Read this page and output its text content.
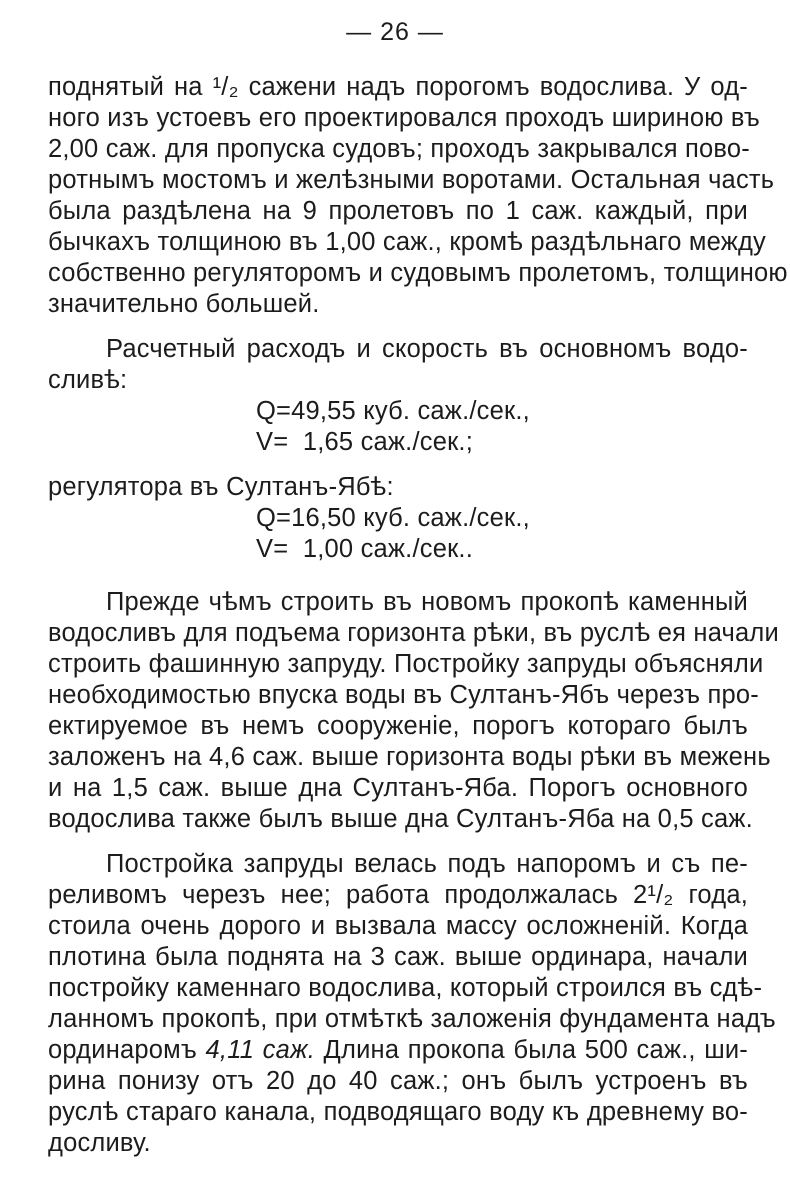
— 26 —
поднятый на ¹/₂ сажени надъ порогомъ водослива. У од-
ного изъ устоевъ его проектировался проходъ шириною въ
2,00 саж. для пропуска судовъ; проходъ закрывался пово-
ротнымъ мостомъ и желѣзными воротами. Остальная часть
была раздѣлена на 9 пролетовъ по 1 саж. каждый, при
бычкахъ толщиною въ 1,00 саж., кромѣ раздѣльнаго между
собственно регуляторомъ и судовымъ пролетомъ, толщиною
значительно большей.
Расчетный расходъ и скорость въ основномъ водо-
сливѣ:
Q=49,55 куб. саж./сек.,
V=  1,65 саж./сек.;
регулятора въ Султанъ-Ябѣ:
Q=16,50 куб. саж./сек.,
V=  1,00 саж./сек..
Прежде чѣмъ строить въ новомъ прокопѣ каменный
водосливъ для подъема горизонта рѣки, въ руслѣ ея начали
строить фашинную запруду. Постройку запруды объясняли
необходимостью впуска воды въ Султанъ-Ябъ черезъ про-
ектируемое въ немъ сооруженіе, порогъ котораго былъ
заложенъ на 4,6 саж. выше горизонта воды рѣки въ межень
и на 1,5 саж. выше дна Султанъ-Яба. Порогъ основного
водослива также былъ выше дна Султанъ-Яба на 0,5 саж.
Постройка запруды велась подъ напоромъ и съ пе-
реливомъ черезъ нее; работа продолжалась 2¹/₂ года,
стоила очень дорого и вызвала массу осложненій. Когда
плотина была поднята на 3 саж. выше ординара, начали
постройку каменнаго водослива, который строился въ сдѣ-
ланномъ прокопѣ, при отмѣткѣ заложенія фундамента надъ
ординаромъ 4,11 саж. Длина прокопа была 500 саж., ши-
рина понизу отъ 20 до 40 саж.; онъ былъ устроенъ въ
руслѣ стараго канала, подводящаго воду къ древнему во-
досливу.
